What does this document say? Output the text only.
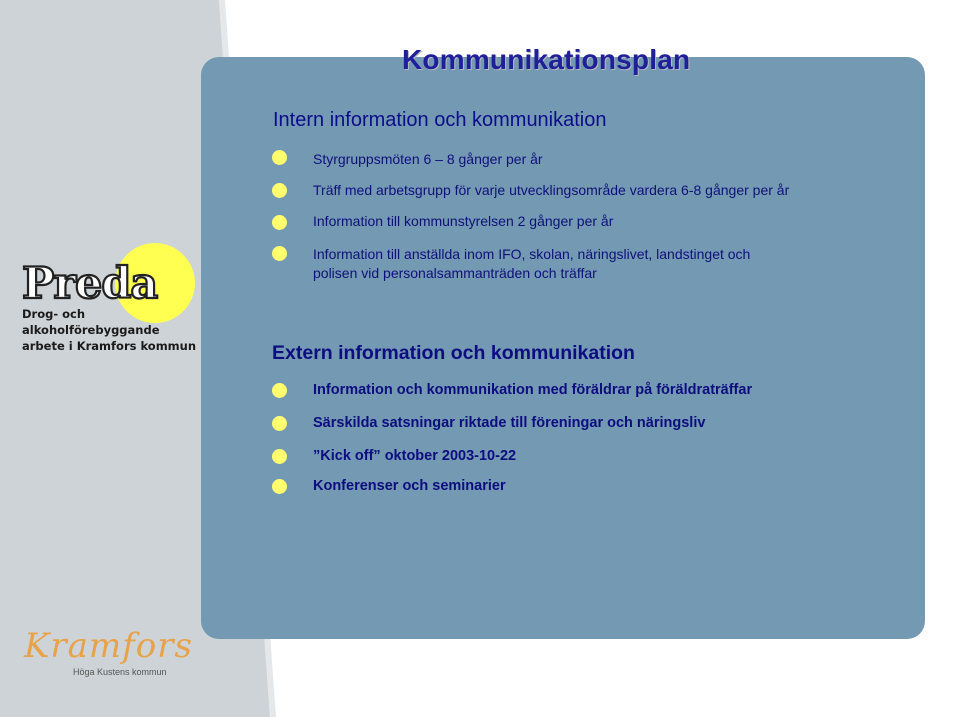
Kommunikationsplan
Intern information och kommunikation
Styrgruppsmöten 6 – 8 gånger per år
Träff med arbetsgrupp för varje utvecklingsområde vardera 6-8 gånger per år
Information till kommunstyrelsen 2 gånger per år
Information till anställda inom IFO, skolan, näringslivet, landstinget och
polisen vid personalsammanträden och träffar
Extern information och kommunikation
Information och kommunikation med föräldrar på föräldraträffar
Särskilda satsningar riktade till föreningar och näringsliv
”Kick off” oktober 2003-10-22
Konferenser och seminarier

Preda

Drog- och
alkoholförebyggande
arbete i Kramfors kommun

Kramfors

Höga Kustens kommun
